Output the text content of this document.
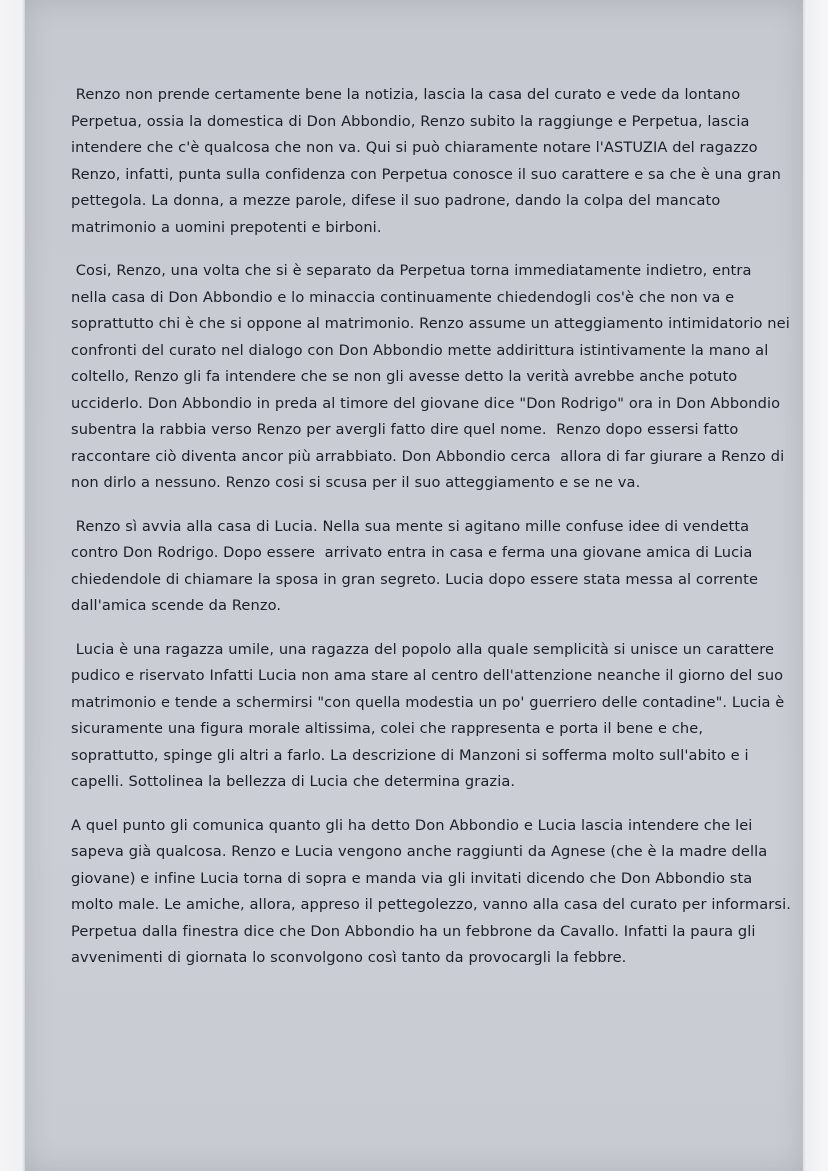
Renzo non prende certamente bene la notizia, lascia la casa del curato e vede da lontano Perpetua, ossia la domestica di Don Abbondio, Renzo subito la raggiunge e Perpetua, lascia intendere che c'è qualcosa che non va. Qui si può chiaramente notare l'ASTUZIA del ragazzo Renzo, infatti, punta sulla confidenza con Perpetua conosce il suo carattere e sa che è una gran pettegola. La donna, a mezze parole, difese il suo padrone, dando la colpa del mancato matrimonio a uomini prepotenti e birboni.

Cosi, Renzo, una volta che si è separato da Perpetua torna immediatamente indietro, entra nella casa di Don Abbondio e lo minaccia continuamente chiedendogli cos'è che non va e soprattutto chi è che si oppone al matrimonio. Renzo assume un atteggiamento intimidatorio nei confronti del curato nel dialogo con Don Abbondio mette addirittura istintivamente la mano al coltello, Renzo gli fa intendere che se non gli avesse detto la verità avrebbe anche potuto ucciderlo. Don Abbondio in preda al timore del giovane dice "Don Rodrigo" ora in Don Abbondio subentra la rabbia verso Renzo per avergli fatto dire quel nome.  Renzo dopo essersi fatto raccontare ciò diventa ancor più arrabbiato. Don Abbondio cerca  allora di far giurare a Renzo di non dirlo a nessuno. Renzo cosi si scusa per il suo atteggiamento e se ne va.

Renzo sì avvia alla casa di Lucia. Nella sua mente si agitano mille confuse idee di vendetta contro Don Rodrigo. Dopo essere  arrivato entra in casa e ferma una giovane amica di Lucia chiedendole di chiamare la sposa in gran segreto. Lucia dopo essere stata messa al corrente dall'amica scende da Renzo.

Lucia è una ragazza umile, una ragazza del popolo alla quale semplicità si unisce un carattere pudico e riservato Infatti Lucia non ama stare al centro dell'attenzione neanche il giorno del suo matrimonio e tende a schermirsi "con quella modestia un po' guerriero delle contadine". Lucia è sicuramente una figura morale altissima, colei che rappresenta e porta il bene e che, soprattutto, spinge gli altri a farlo. La descrizione di Manzoni si sofferma molto sull'abito e i capelli. Sottolinea la bellezza di Lucia che determina grazia.

A quel punto gli comunica quanto gli ha detto Don Abbondio e Lucia lascia intendere che lei sapeva già qualcosa. Renzo e Lucia vengono anche raggiunti da Agnese (che è la madre della giovane) e infine Lucia torna di sopra e manda via gli invitati dicendo che Don Abbondio sta molto male. Le amiche, allora, appreso il pettegolezzo, vanno alla casa del curato per informarsi. Perpetua dalla finestra dice che Don Abbondio ha un febbrone da Cavallo. Infatti la paura gli avvenimenti di giornata lo sconvolgono così tanto da provocargli la febbre.
